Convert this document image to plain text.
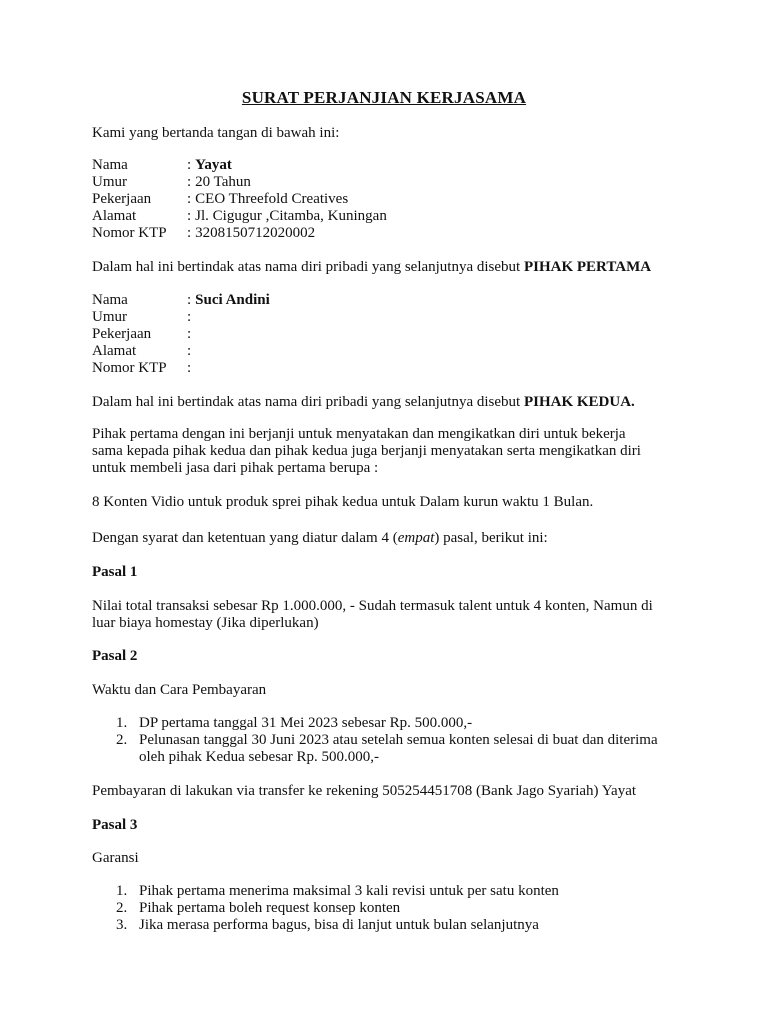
SURAT PERJANJIAN KERJASAMA
Kami yang bertanda tangan di bawah ini:
Nama	:	Yayat
Umur	:	20 Tahun
Pekerjaan	:	CEO Threefold Creatives
Alamat	:	Jl. Cigugur ,Citamba, Kuningan
Nomor KTP	:	3208150712020002
Dalam hal ini bertindak atas nama diri pribadi yang selanjutnya disebut PIHAK PERTAMA
Nama	:	Suci Andini
Umur	:	
Pekerjaan	:	
Alamat	:	
Nomor KTP	:	
Dalam hal ini bertindak atas nama diri pribadi yang selanjutnya disebut PIHAK KEDUA.
Pihak pertama dengan ini berjanji untuk menyatakan dan mengikatkan diri untuk bekerja
sama kepada pihak kedua dan pihak kedua juga berjanji menyatakan serta mengikatkan diri
untuk membeli jasa dari pihak pertama berupa :
8 Konten Vidio untuk produk sprei pihak kedua untuk Dalam kurun waktu 1 Bulan.
Dengan syarat dan ketentuan yang diatur dalam 4 (empat) pasal, berikut ini:
Pasal 1
Nilai total transaksi sebesar Rp 1.000.000, - Sudah termasuk talent untuk 4 konten, Namun di
luar biaya homestay (Jika diperlukan)
Pasal 2
Waktu dan Cara Pembayaran
1. DP pertama tanggal 31 Mei 2023 sebesar Rp. 500.000,-
2. Pelunasan tanggal 30 Juni 2023 atau setelah semua konten selesai di buat dan diterima
oleh pihak Kedua sebesar Rp. 500.000,-
Pembayaran di lakukan via transfer ke rekening 505254451708 (Bank Jago Syariah) Yayat
Pasal 3
Garansi
1. Pihak pertama menerima maksimal 3 kali revisi untuk per satu konten
2. Pihak pertama boleh request konsep konten
3. Jika merasa performa bagus, bisa di lanjut untuk bulan selanjutnya
